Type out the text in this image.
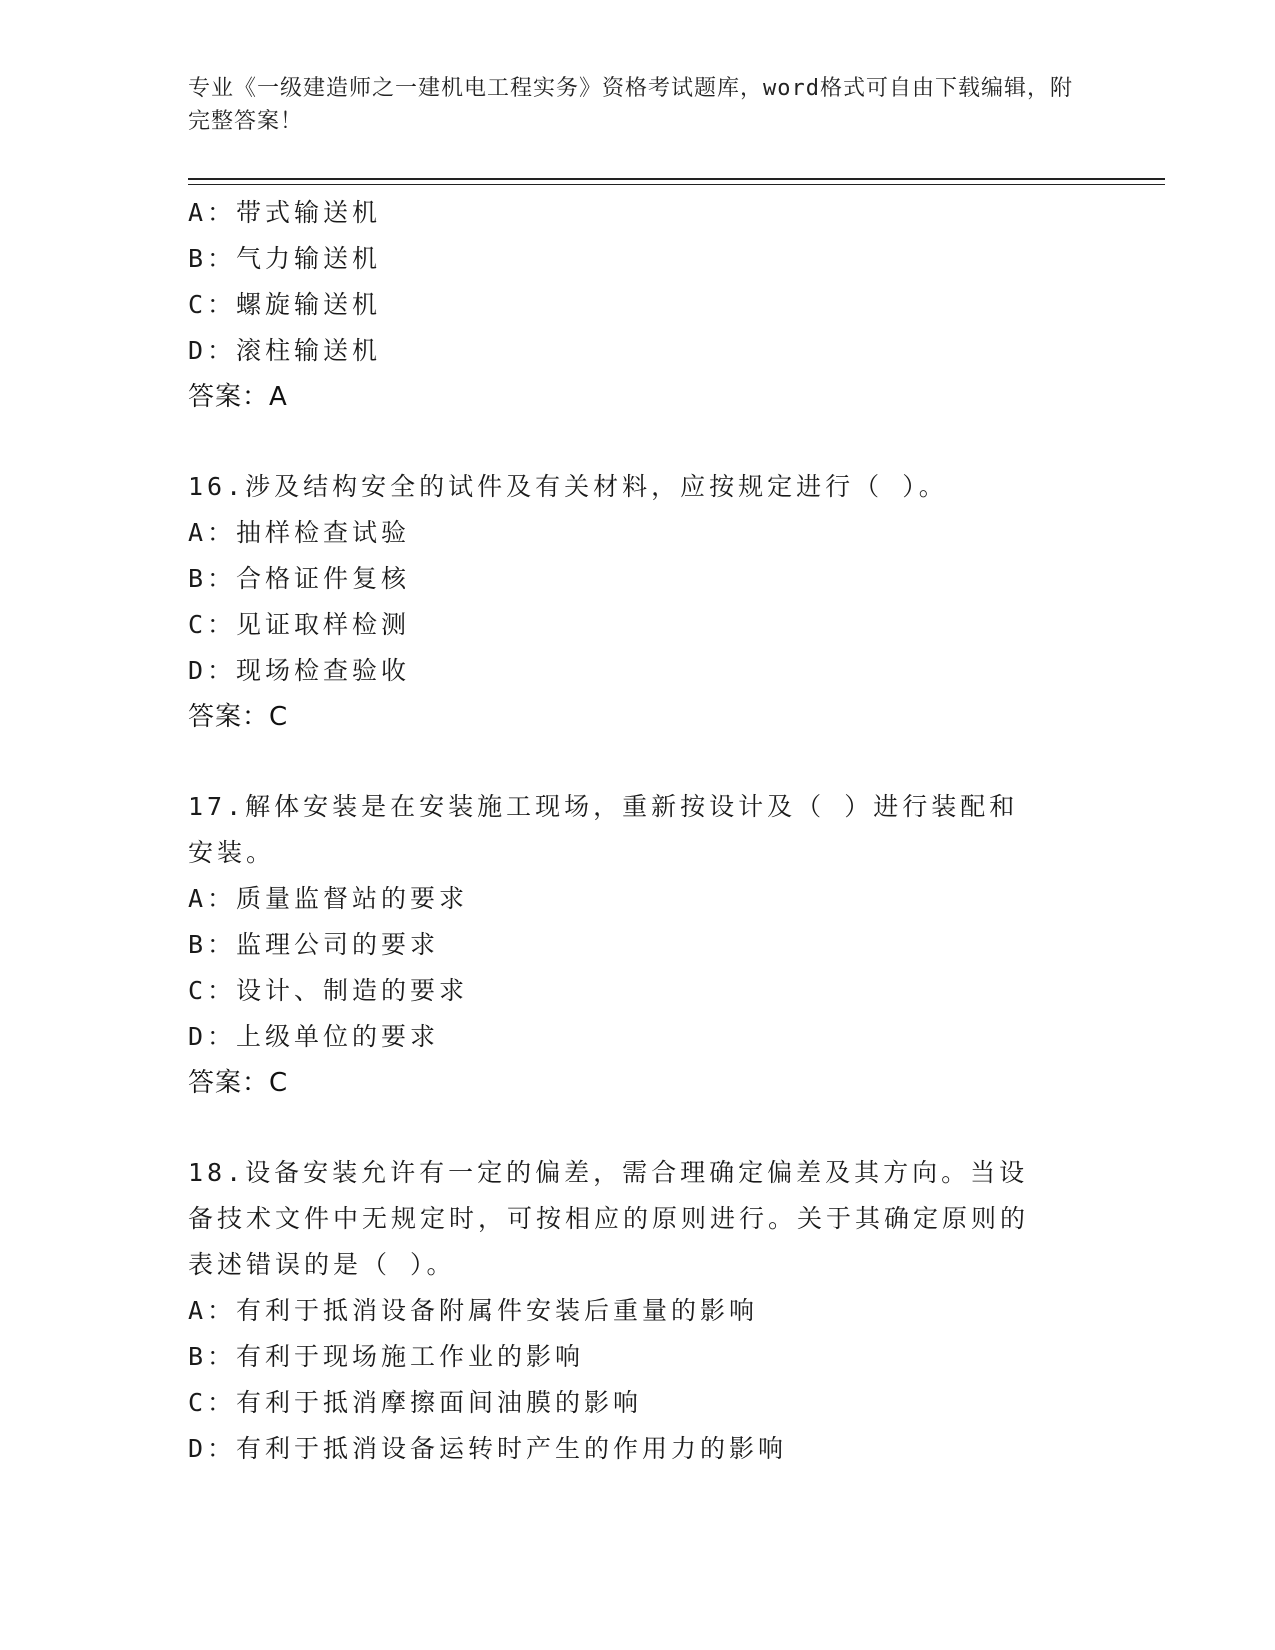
专业《一级建造师之一建机电工程实务》资格考试题库，word格式可自由下载编辑，附完整答案！
A：带式输送机
B：气力输送机
C：螺旋输送机
D：滚柱输送机
答案：A
16.涉及结构安全的试件及有关材料，应按规定进行（ ）。
A：抽样检查试验
B：合格证件复核
C：见证取样检测
D：现场检查验收
答案：C
17.解体安装是在安装施工现场，重新按设计及（ ）进行装配和安装。
A：质量监督站的要求
B：监理公司的要求
C：设计、制造的要求
D：上级单位的要求
答案：C
18.设备安装允许有一定的偏差，需合理确定偏差及其方向。当设备技术文件中无规定时，可按相应的原则进行。关于其确定原则的表述错误的是（ ）。
A：有利于抵消设备附属件安装后重量的影响
B：有利于现场施工作业的影响
C：有利于抵消摩擦面间油膜的影响
D：有利于抵消设备运转时产生的作用力的影响
